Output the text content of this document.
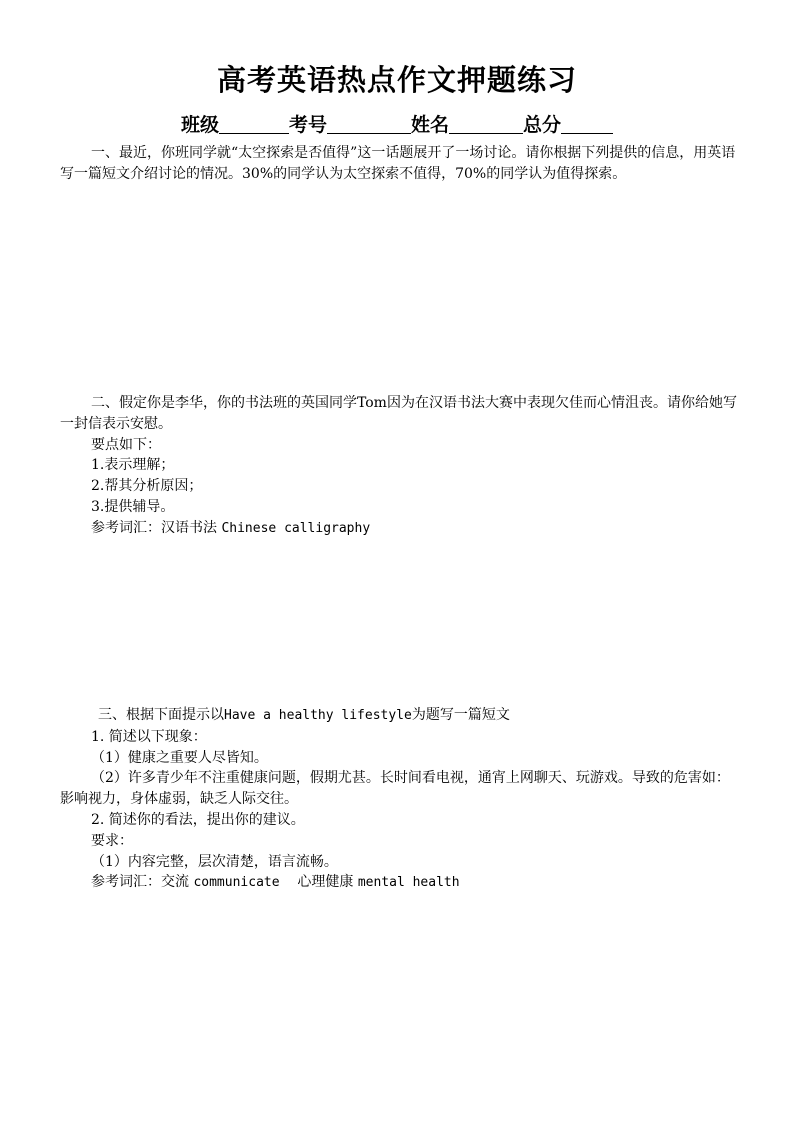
高考英语热点作文押题练习
班级	考号	姓名	总分

一、最近，你班同学就“太空探索是否值得”这一话题展开了一场讨论。请你根据下列提供的信息，用英语写一篇短文介绍讨论的情况。30%的同学认为太空探索不值得，70%的同学认为值得探索。

二、假定你是李华，你的书法班的英国同学Tom因为在汉语书法大赛中表现欠佳而心情沮丧。请你给她写一封信表示安慰。

要点如下：

1.表示理解；

2.帮其分析原因；

3.提供辅导。

参考词汇：汉语书法 Chinese calligraphy

三、根据下面提示以Have a healthy lifestyle为题写一篇短文

1. 简述以下现象：

（1）健康之重要人尽皆知。

（2）许多青少年不注重健康问题，假期尤甚。长时间看电视，通宵上网聊天、玩游戏。导致的危害如：影响视力，身体虚弱，缺乏人际交往。

2. 简述你的看法，提出你的建议。

要求：

（1）内容完整，层次清楚，语言流畅。

参考词汇：交流 communicate 心理健康 mental health
